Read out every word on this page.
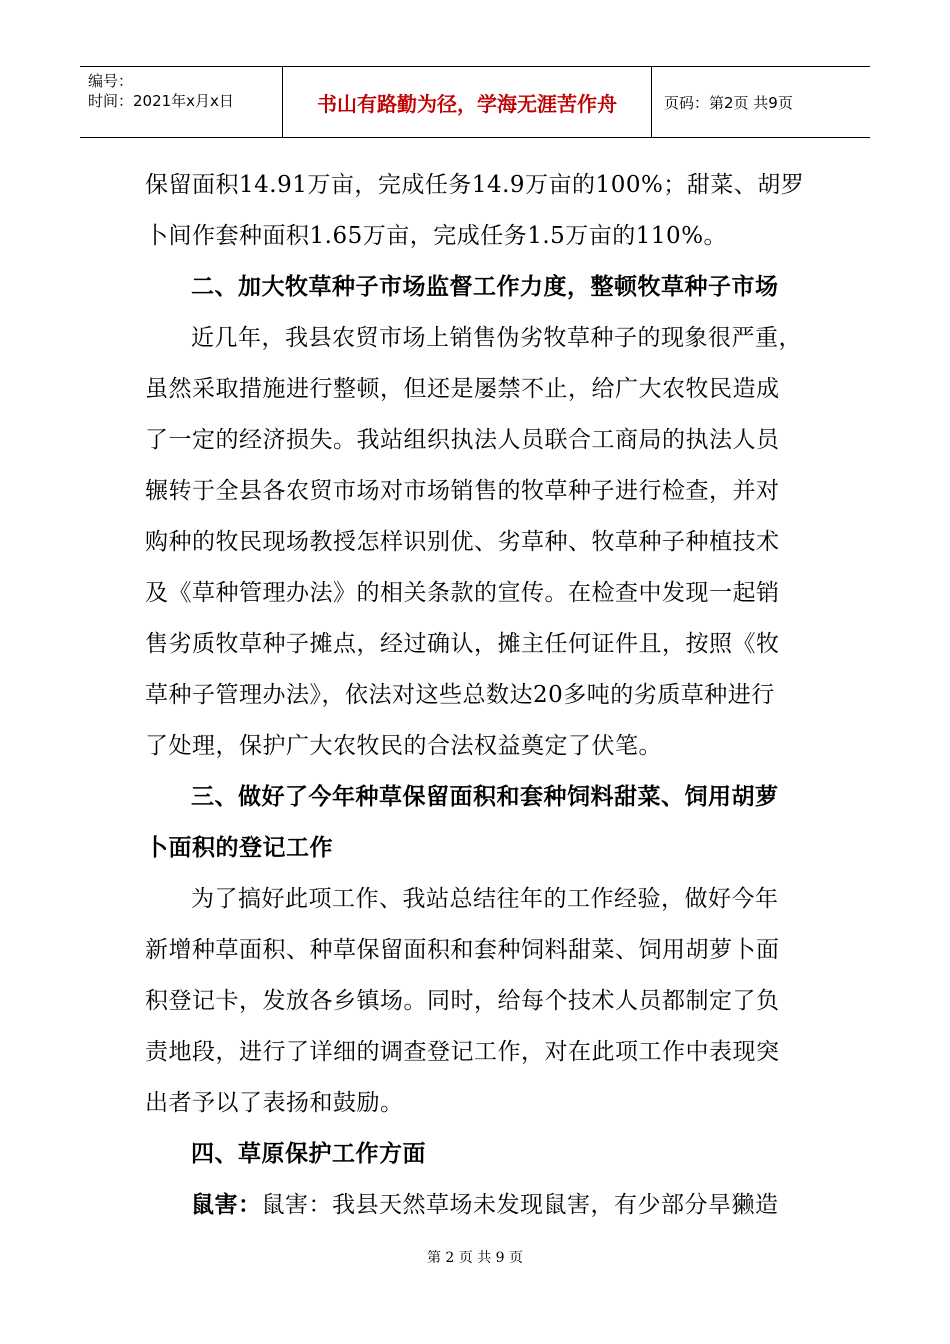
编号：
时间：2021年x月x日	书山有路勤为径，学海无涯苦作舟	页码：第2页 共9页
保留面积14.91万亩，完成任务14.9万亩的100%；甜菜、胡罗
卜间作套种面积1.65万亩，完成任务1.5万亩的110%。
二、加大牧草种子市场监督工作力度，整顿牧草种子市场
近几年，我县农贸市场上销售伪劣牧草种子的现象很严重，
虽然采取措施进行整顿，但还是屡禁不止，给广大农牧民造成
了一定的经济损失。我站组织执法人员联合工商局的执法人员
辗转于全县各农贸市场对市场销售的牧草种子进行检查，并对
购种的牧民现场教授怎样识别优、劣草种、牧草种子种植技术
及《草种管理办法》的相关条款的宣传。在检查中发现一起销
售劣质牧草种子摊点，经过确认，摊主任何证件且，按照《牧
草种子管理办法》，依法对这些总数达20多吨的劣质草种进行
了处理，保护广大农牧民的合法权益奠定了伏笔。
三、做好了今年种草保留面积和套种饲料甜菜、饲用胡萝
卜面积的登记工作
为了搞好此项工作、我站总结往年的工作经验，做好今年
新增种草面积、种草保留面积和套种饲料甜菜、饲用胡萝卜面
积登记卡，发放各乡镇场。同时，给每个技术人员都制定了负
责地段，进行了详细的调查登记工作，对在此项工作中表现突
出者予以了表扬和鼓励。
四、草原保护工作方面
鼠害：鼠害：我县天然草场未发现鼠害，有少部分旱獭造
第 2 页 共 9 页
